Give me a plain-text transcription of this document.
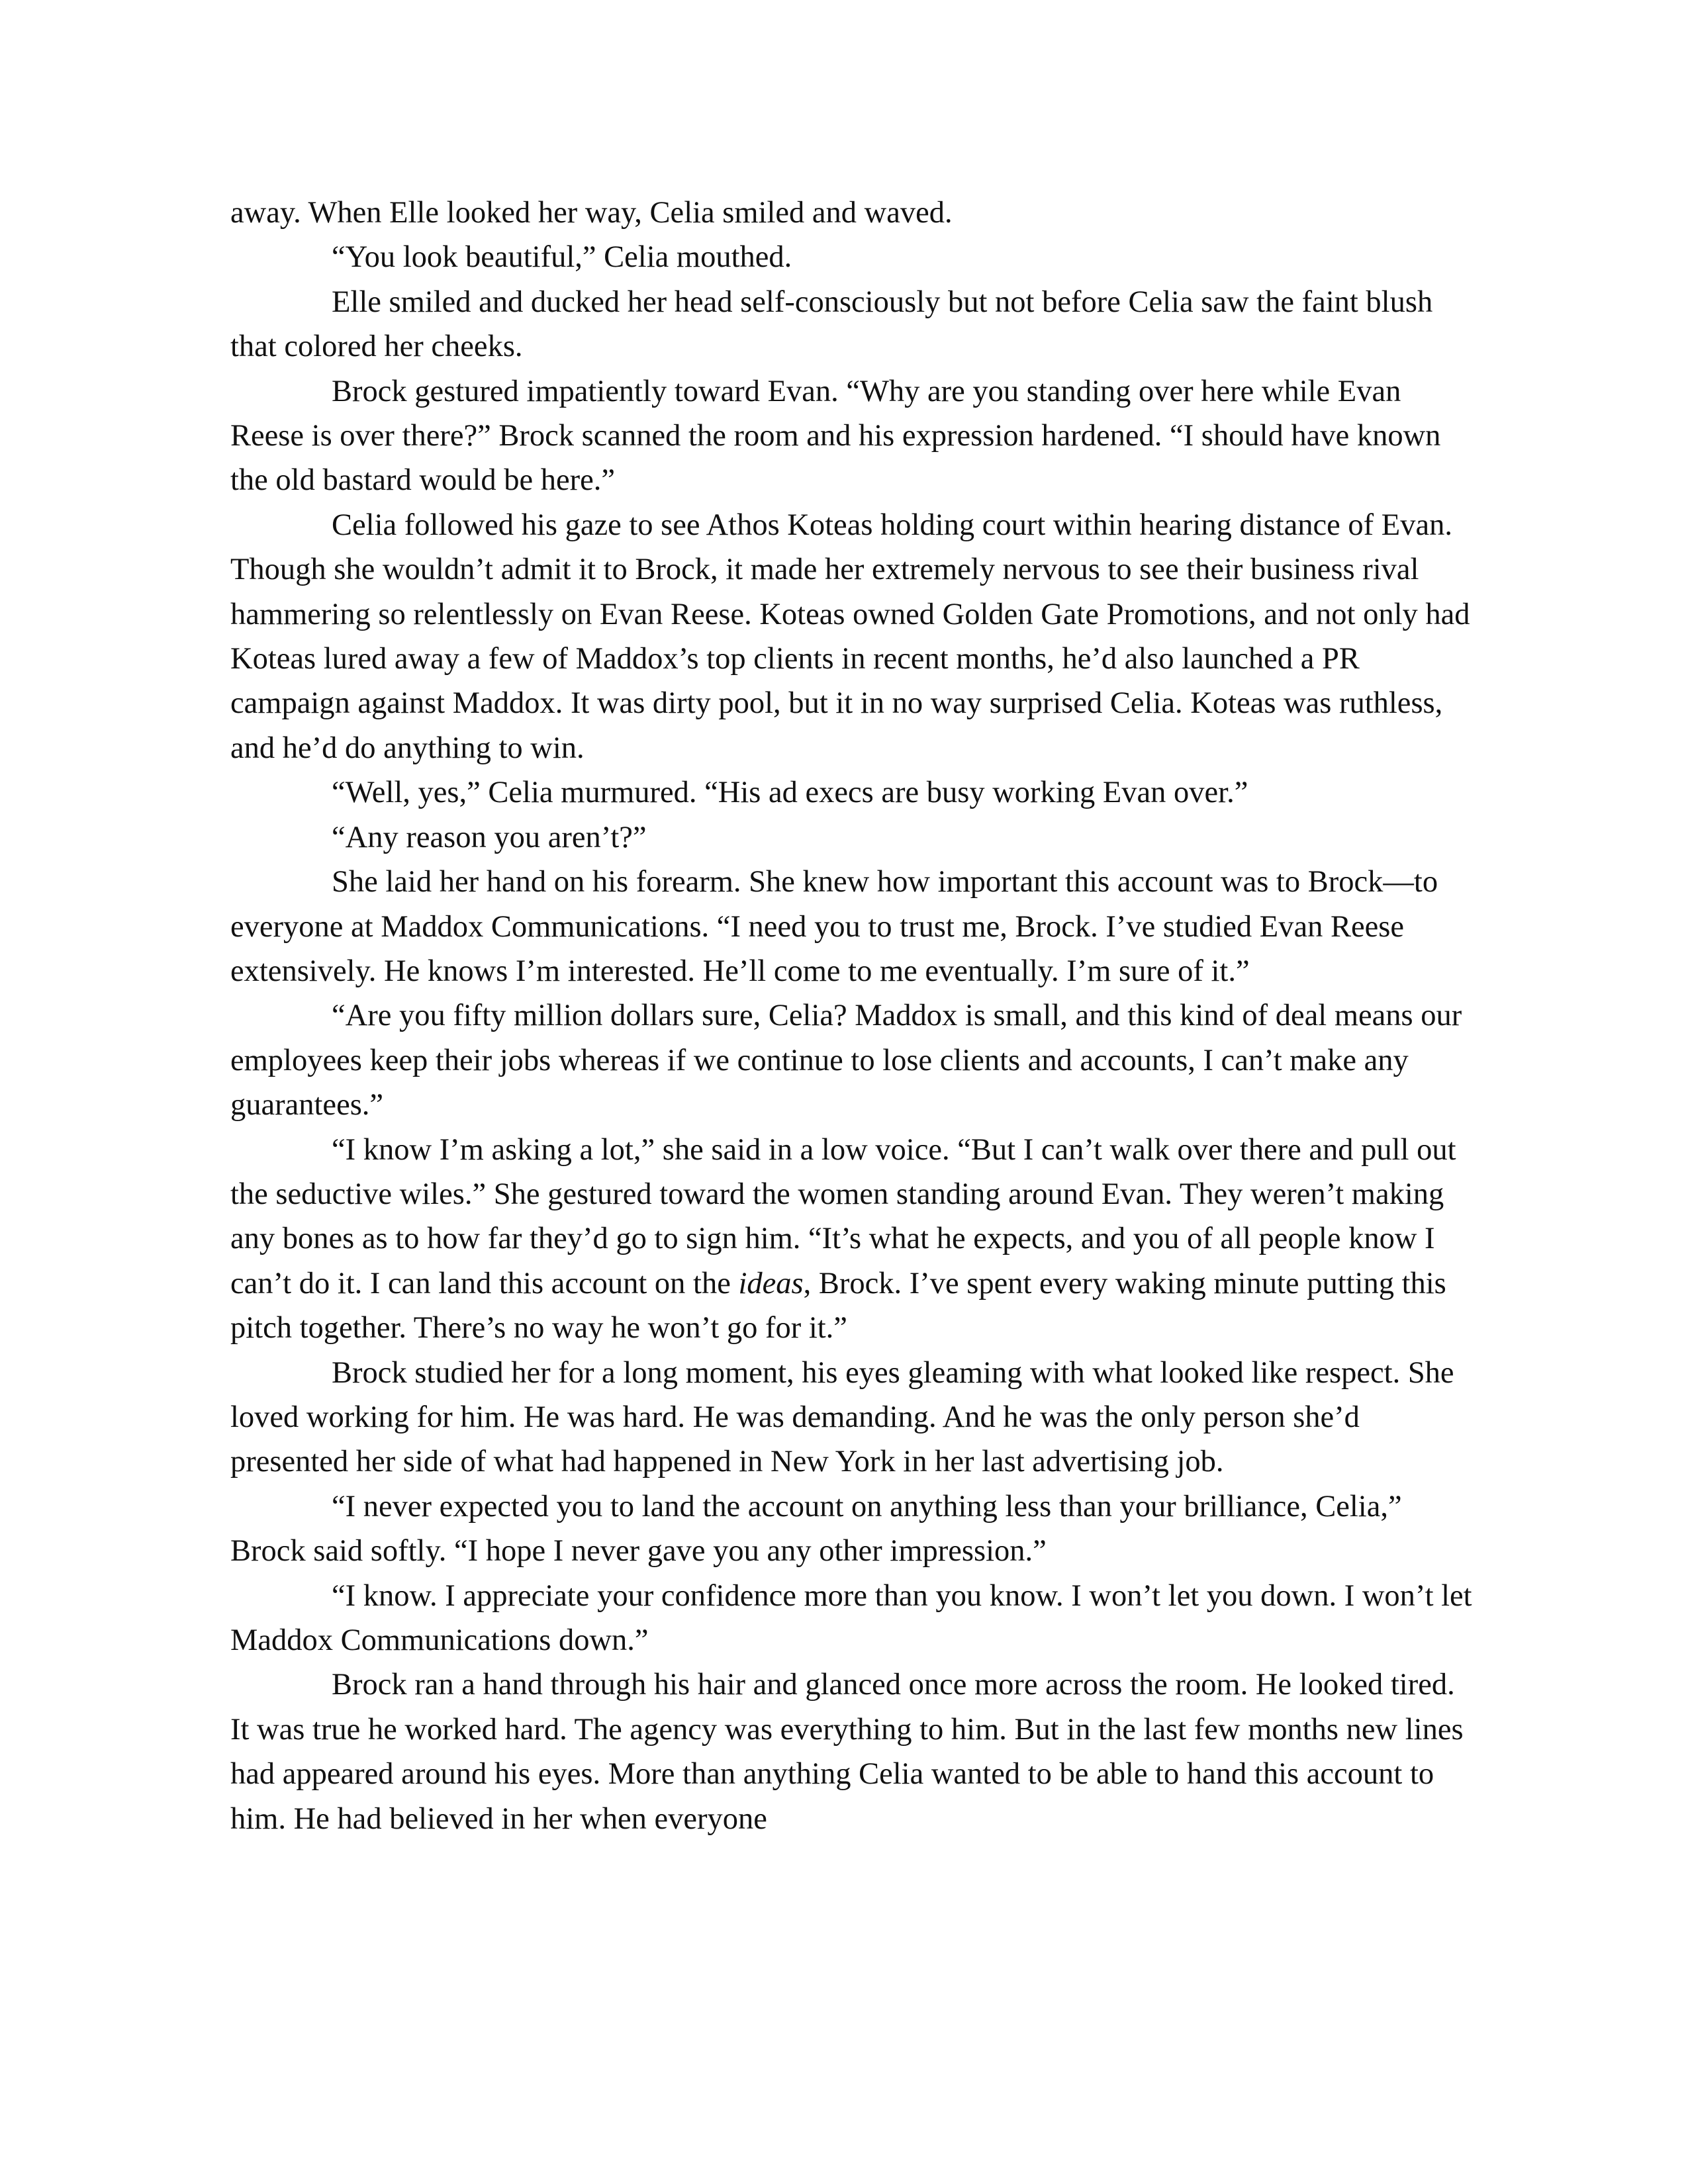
away. When Elle looked her way, Celia smiled and waved.

“You look beautiful,” Celia mouthed.

Elle smiled and ducked her head self-consciously but not before Celia saw the faint blush that colored her cheeks.

Brock gestured impatiently toward Evan. “Why are you standing over here while Evan Reese is over there?” Brock scanned the room and his expression hardened. “I should have known the old bastard would be here.”

Celia followed his gaze to see Athos Koteas holding court within hearing distance of Evan. Though she wouldn’t admit it to Brock, it made her extremely nervous to see their business rival hammering so relentlessly on Evan Reese. Koteas owned Golden Gate Promotions, and not only had Koteas lured away a few of Maddox’s top clients in recent months, he’d also launched a PR campaign against Maddox. It was dirty pool, but it in no way surprised Celia. Koteas was ruthless, and he’d do anything to win.

“Well, yes,” Celia murmured. “His ad execs are busy working Evan over.”

“Any reason you aren’t?”

She laid her hand on his forearm. She knew how important this account was to Brock—to everyone at Maddox Communications. “I need you to trust me, Brock. I’ve studied Evan Reese extensively. He knows I’m interested. He’ll come to me eventually. I’m sure of it.”

“Are you fifty million dollars sure, Celia? Maddox is small, and this kind of deal means our employees keep their jobs whereas if we continue to lose clients and accounts, I can’t make any guarantees.”

“I know I’m asking a lot,” she said in a low voice. “But I can’t walk over there and pull out the seductive wiles.” She gestured toward the women standing around Evan. They weren’t making any bones as to how far they’d go to sign him. “It’s what he expects, and you of all people know I can’t do it. I can land this account on the ideas, Brock. I’ve spent every waking minute putting this pitch together. There’s no way he won’t go for it.”

Brock studied her for a long moment, his eyes gleaming with what looked like respect. She loved working for him. He was hard. He was demanding. And he was the only person she’d presented her side of what had happened in New York in her last advertising job.

“I never expected you to land the account on anything less than your brilliance, Celia,” Brock said softly. “I hope I never gave you any other impression.”

“I know. I appreciate your confidence more than you know. I won’t let you down. I won’t let Maddox Communications down.”

Brock ran a hand through his hair and glanced once more across the room. He looked tired. It was true he worked hard. The agency was everything to him. But in the last few months new lines had appeared around his eyes. More than anything Celia wanted to be able to hand this account to him. He had believed in her when everyone
